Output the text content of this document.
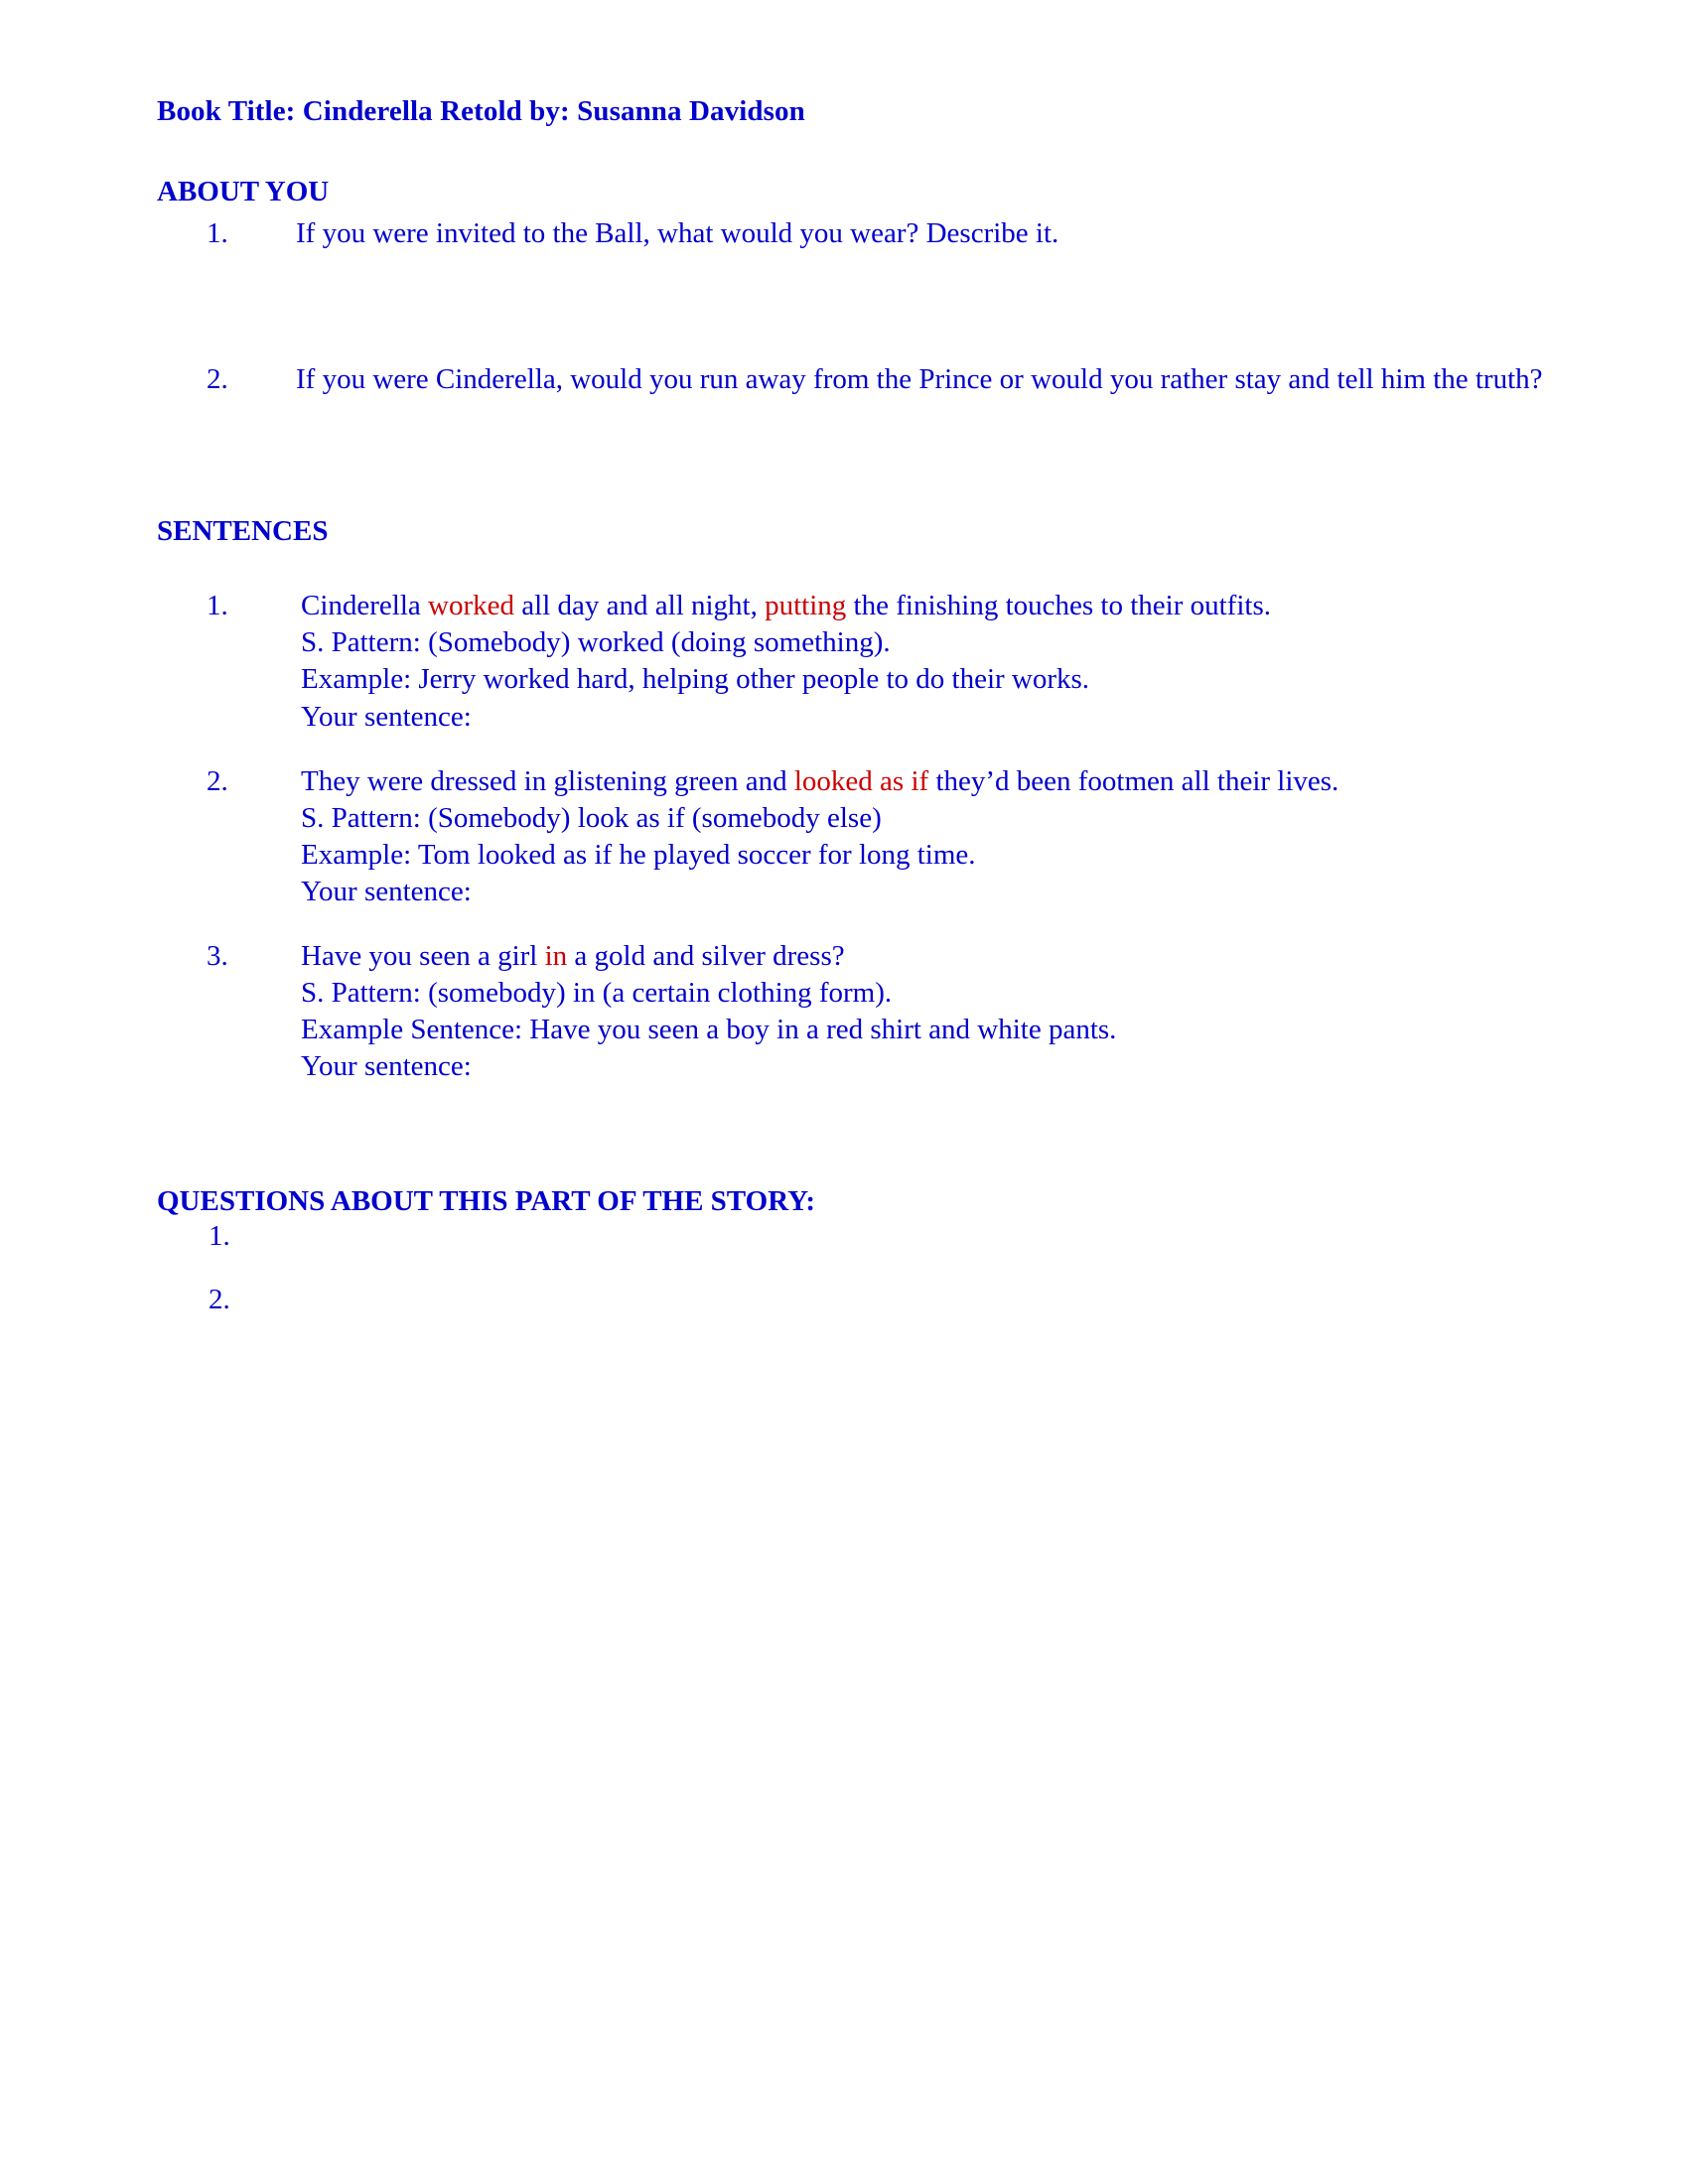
Book Title: Cinderella Retold by: Susanna Davidson
ABOUT YOU
1.	If you were invited to the Ball, what would you wear? Describe it.
2.	If you were Cinderella, would you run away from the Prince or would you rather stay and tell him the truth?
SENTENCES
1.	Cinderella worked all day and all night, putting the finishing touches to their outfits.
S. Pattern: (Somebody) worked (doing something).
Example: Jerry worked hard, helping other people to do their works.
Your sentence:
2.	They were dressed in glistening green and looked as if they’d been footmen all their lives.
S. Pattern: (Somebody) look as if (somebody else)
Example: Tom looked as if he played soccer for long time.
Your sentence:
3.	Have you seen a girl in a gold and silver dress?
S. Pattern: (somebody) in (a certain clothing form).
Example Sentence: Have you seen a boy in a red shirt and white pants.
Your sentence:
QUESTIONS ABOUT THIS PART OF THE STORY:
1.
2.
